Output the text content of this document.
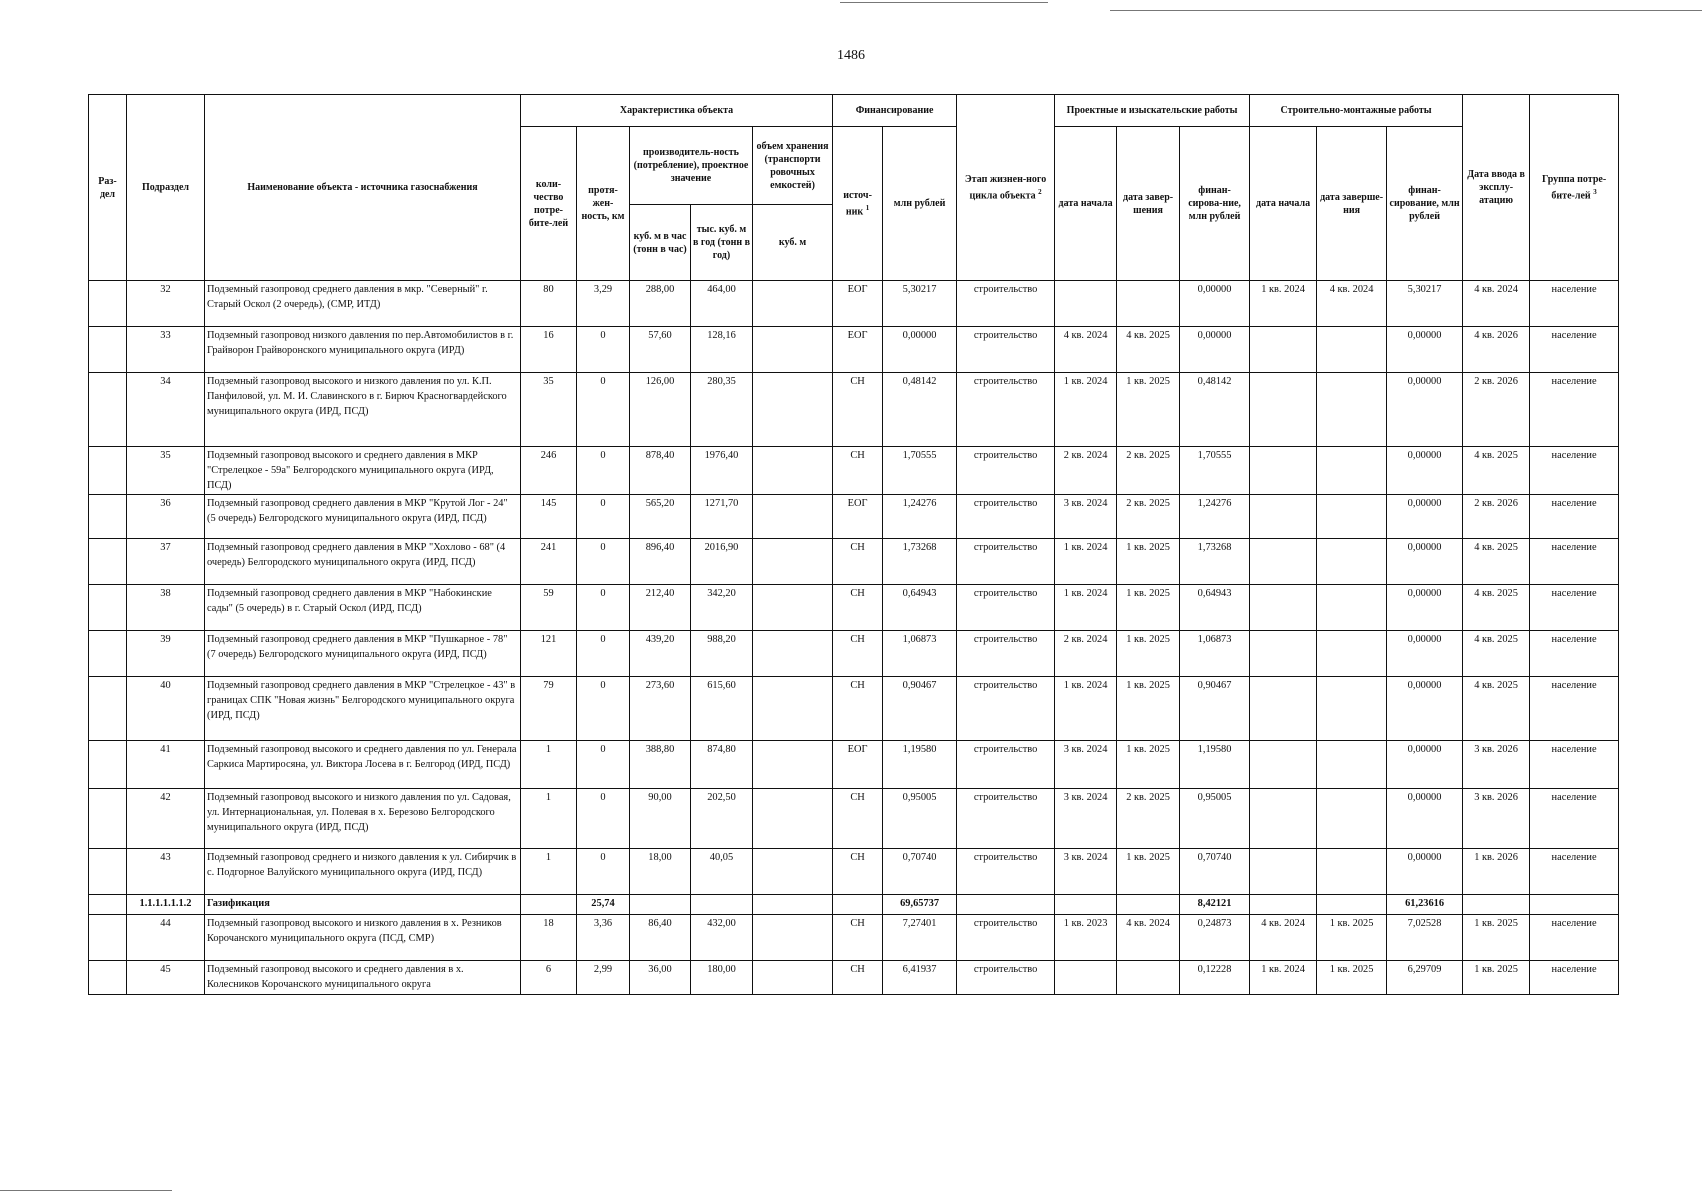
1486
Раз-дел	Подраздел	Наименование объекта - источника газоснабжения	Характеристика объекта					Финансирование		Этап жизнен-ного цикла объекта $^2$	Проектные и изыскательские работы			Строительно-монтажные работы			Дата ввода в эксплу-атацию	Группа потре-бите-лей $^3$
			коли-чество потре-бите-лей	протя-жен-ность, км	производитель-ность (потребление), проектное значение		объем хранения (транспорти ровочных емкостей)	источ-ник $^1$	млн рублей		дата начала	дата завер-шения	финан-сирова-ние, млн рублей	дата начала	дата заверше-ния	финан-сирование, млн рублей		
					куб. м в час (тонн в час)	тыс. куб. м в год (тонн в год)	куб. м											
	32	Подземный газопровод среднего давления в мкр. "Северный" г. Старый Оскол (2 очередь), (СМР, ИТД)	80	3,29	288,00	464,00		ЕОГ	5,30217	строительство			0,00000	1 кв. 2024	4 кв. 2024	5,30217	4 кв. 2024	население
	33	Подземный газопровод низкого давления по пер.Автомобилистов в г. Грайворон Грайворонского муниципального округа (ИРД)	16	0	57,60	128,16		ЕОГ	0,00000	строительство	4 кв. 2024	4 кв. 2025	0,00000			0,00000	4 кв. 2026	население
	34	Подземный газопровод высокого и низкого давления по ул. К.П. Панфиловой, ул. М. И. Славинского в г. Бирюч Красногвардейского муниципального округа (ИРД, ПСД)	35	0	126,00	280,35		СН	0,48142	строительство	1 кв. 2024	1 кв. 2025	0,48142			0,00000	2 кв. 2026	население
	35	Подземный газопровод высокого и среднего давления в МКР "Стрелецкое - 59а" Белгородского муниципального округа (ИРД, ПСД)	246	0	878,40	1976,40		СН	1,70555	строительство	2 кв. 2024	2 кв. 2025	1,70555			0,00000	4 кв. 2025	население
	36	Подземный газопровод среднего давления в МКР "Крутой Лог - 24" (5 очередь) Белгородского муниципального округа (ИРД, ПСД)	145	0	565,20	1271,70		ЕОГ	1,24276	строительство	3 кв. 2024	2 кв. 2025	1,24276			0,00000	2 кв. 2026	население
	37	Подземный газопровод среднего давления в МКР "Хохлово - 68" (4 очередь) Белгородского муниципального округа (ИРД, ПСД)	241	0	896,40	2016,90		СН	1,73268	строительство	1 кв. 2024	1 кв. 2025	1,73268			0,00000	4 кв. 2025	население
	38	Подземный газопровод среднего давления в МКР "Набокинские сады" (5 очередь) в г. Старый Оскол (ИРД, ПСД)	59	0	212,40	342,20		СН	0,64943	строительство	1 кв. 2024	1 кв. 2025	0,64943			0,00000	4 кв. 2025	население
	39	Подземный газопровод среднего давления в МКР "Пушкарное - 78" (7 очередь) Белгородского муниципального округа (ИРД, ПСД)	121	0	439,20	988,20		СН	1,06873	строительство	2 кв. 2024	1 кв. 2025	1,06873			0,00000	4 кв. 2025	население
	40	Подземный газопровод среднего давления в МКР "Стрелецкое - 43" в границах СПК "Новая жизнь" Белгородского муниципального округа (ИРД, ПСД)	79	0	273,60	615,60		СН	0,90467	строительство	1 кв. 2024	1 кв. 2025	0,90467			0,00000	4 кв. 2025	население
	41	Подземный газопровод высокого и среднего давления по ул. Генерала Саркиса Мартиросяна, ул. Виктора Лосева в г. Белгород (ИРД, ПСД)	1	0	388,80	874,80		ЕОГ	1,19580	строительство	3 кв. 2024	1 кв. 2025	1,19580			0,00000	3 кв. 2026	население
	42	Подземный газопровод высокого и низкого давления по ул. Садовая, ул. Интернациональная, ул. Полевая в х. Березово Белгородского муниципального округа (ИРД, ПСД)	1	0	90,00	202,50		СН	0,95005	строительство	3 кв. 2024	2 кв. 2025	0,95005			0,00000	3 кв. 2026	население
	43	Подземный газопровод среднего и низкого давления к ул. Сибирчик в с. Подгорное Валуйского муниципального округа (ИРД, ПСД)	1	0	18,00	40,05		СН	0,70740	строительство	3 кв. 2024	1 кв. 2025	0,70740			0,00000	1 кв. 2026	население
	1.1.1.1.1.1.2	Газификация		25,74					69,65737				8,42121			61,23616		
	44	Подземный газопровод высокого и низкого давления в х. Резников Корочанского муниципального округа (ПСД, СМР)	18	3,36	86,40	432,00		СН	7,27401	строительство	1 кв. 2023	4 кв. 2024	0,24873	4 кв. 2024	1 кв. 2025	7,02528	1 кв. 2025	население
	45	Подземный газопровод высокого и среднего давления в х. Колесников Корочанского муниципального округа	6	2,99	36,00	180,00		СН	6,41937	строительство			0,12228	1 кв. 2024	1 кв. 2025	6,29709	1 кв. 2025	население
